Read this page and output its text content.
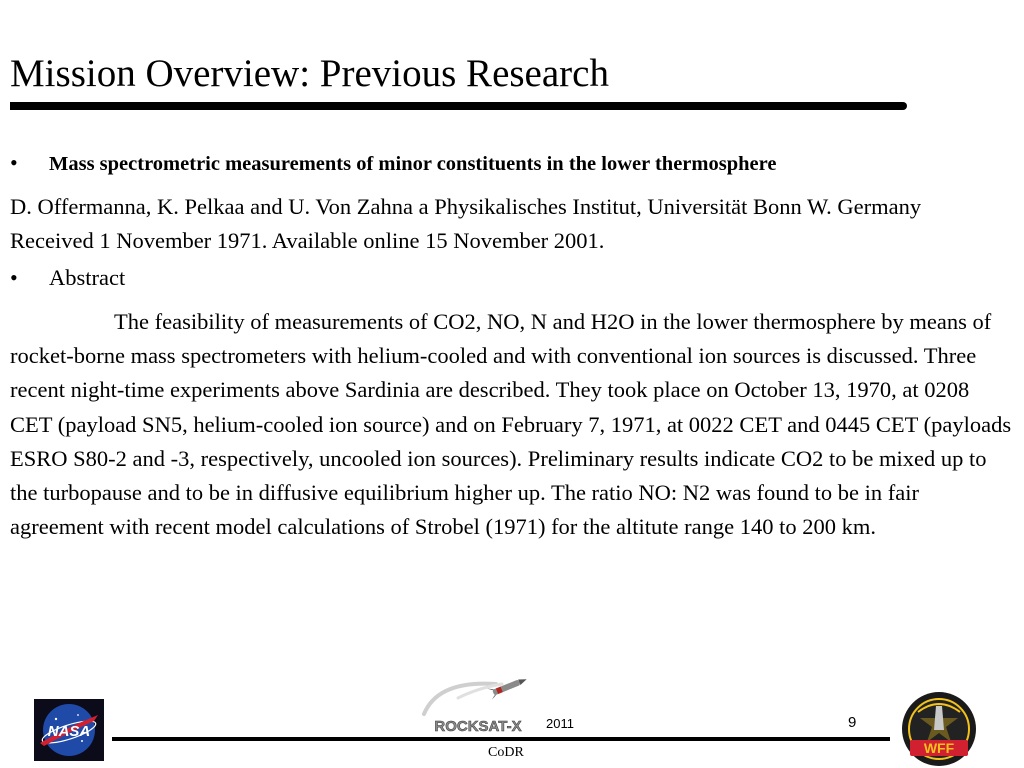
Mission Overview: Previous Research
•	Mass spectrometric measurements of minor constituents in the lower thermosphere
D. Offermanna, K. Pelkaa and U. Von Zahna a Physikalisches Institut, Universität Bonn W. Germany Received 1 November 1971. Available online 15 November 2001.
•	Abstract
The feasibility of measurements of CO2, NO, N and H2O in the lower thermosphere by means of rocket-borne mass spectrometers with helium-cooled and with conventional ion sources is discussed. Three recent night-time experiments above Sardinia are described. They took place on October 13, 1970, at 0208 CET (payload SN5, helium-cooled ion source) and on February 7, 1971, at 0022 CET and 0445 CET (payloads ESRO S80-2 and -3, respectively, uncooled ion sources). Preliminary results indicate CO2 to be mixed up to the turbopause and to be in diffusive equilibrium higher up. The ratio NO: N2 was found to be in fair agreement with recent model calculations of Strobel (1971) for the altitute range 140 to 200 km.
NASA	ROCKSAT-X 2011	9
CoDR	WFF
